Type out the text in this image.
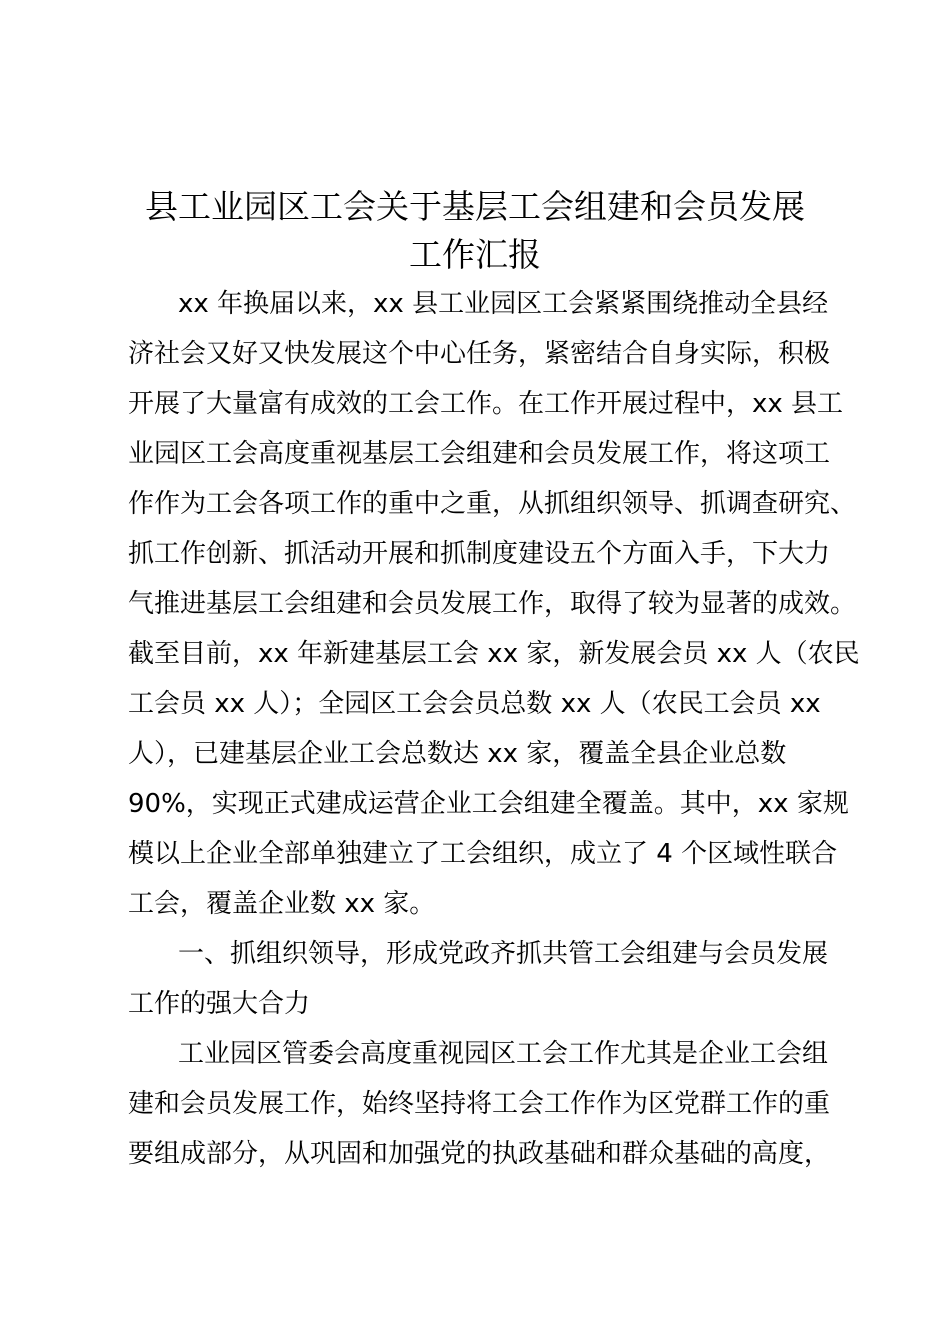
县工业园区工会关于基层工会组建和会员发展
工作汇报

xx 年换届以来，xx 县工业园区工会紧紧围绕推动全县经

济社会又好又快发展这个中心任务，紧密结合自身实际，积极

开展了大量富有成效的工会工作。在工作开展过程中，xx 县工

业园区工会高度重视基层工会组建和会员发展工作，将这项工

作作为工会各项工作的重中之重，从抓组织领导、抓调查研究、

抓工作创新、抓活动开展和抓制度建设五个方面入手，下大力

气推进基层工会组建和会员发展工作，取得了较为显著的成效。

截至目前，xx 年新建基层工会 xx 家，新发展会员 xx 人（农民

工会员 xx 人）；全园区工会会员总数 xx 人（农民工会员 xx

人），已建基层企业工会总数达 xx 家，覆盖全县企业总数

90%，实现正式建成运营企业工会组建全覆盖。其中，xx 家规

模以上企业全部单独建立了工会组织，成立了 4 个区域性联合

工会，覆盖企业数 xx 家。

一、抓组织领导，形成党政齐抓共管工会组建与会员发展

工作的强大合力

工业园区管委会高度重视园区工会工作尤其是企业工会组

建和会员发展工作，始终坚持将工会工作作为区党群工作的重

要组成部分，从巩固和加强党的执政基础和群众基础的高度，
